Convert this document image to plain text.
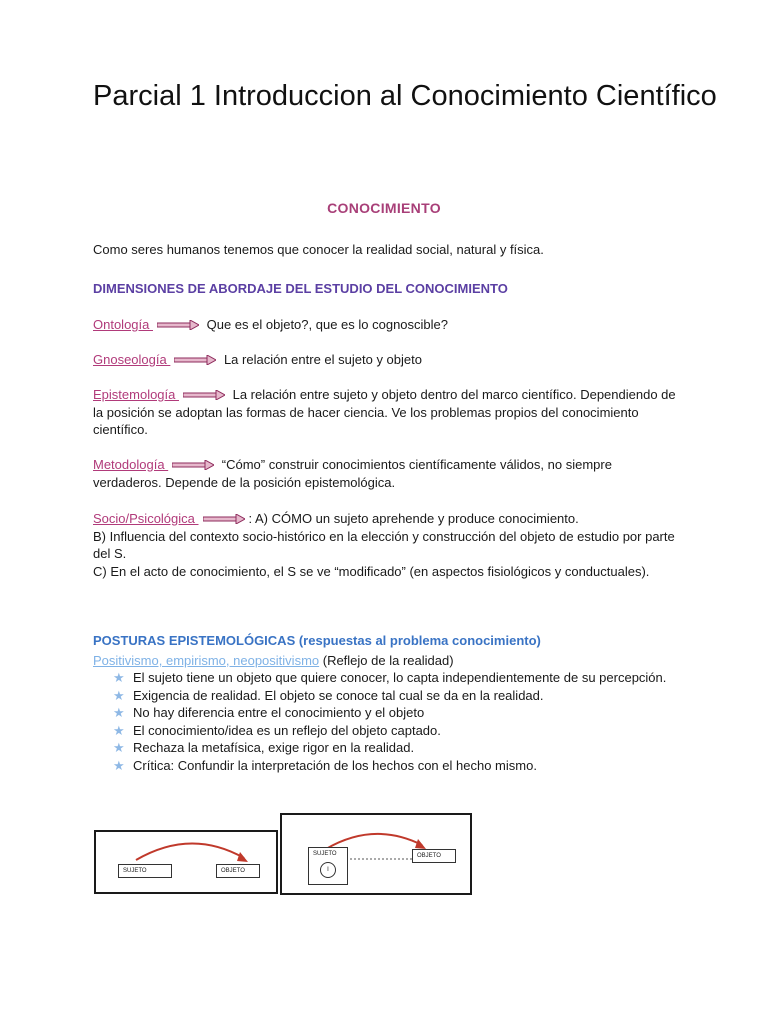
Parcial 1 Introduccion al Conocimiento Científico
CONOCIMIENTO
Como seres humanos tenemos que conocer la realidad social, natural y física.
DIMENSIONES DE ABORDAJE DEL ESTUDIO DEL CONOCIMIENTO
Ontología	Que es el objeto?, que es lo cognoscible?
Gnoseología	La relación entre el sujeto y objeto
Epistemología	La relación entre sujeto y objeto dentro del marco científico. Dependiendo de la posición se adoptan las formas de hacer ciencia. Ve los problemas propios del conocimiento científico.
Metodología	“Cómo” construir conocimientos científicamente válidos, no siempre verdaderos. Depende de la posición epistemológica.
Socio/Psicológica	: A) CÓMO un sujeto aprehende y produce conocimiento.
B) Influencia del contexto socio-histórico en la elección y construcción del objeto de estudio por parte del S.
C) En el acto de conocimiento, el S se ve “modificado” (en aspectos fisiológicos y conductuales).
POSTURAS EPISTEMOLÓGICAS (respuestas al problema conocimiento)
Positivismo, empirismo, neopositivismo (Reflejo de la realidad)
★ El sujeto tiene un objeto que quiere conocer, lo capta independientemente de su percepción.
★ Exigencia de realidad. El objeto se conoce tal cual se da en la realidad.
★ No hay diferencia entre el conocimiento y el objeto
★ El conocimiento/idea es un reflejo del objeto captado.
★ Rechaza la metafísica, exige rigor en la realidad.
★ Crítica: Confundir la interpretación de los hechos con el hecho mismo.
SUJETO	OBJETO
SUJETO
I
OBJETO
